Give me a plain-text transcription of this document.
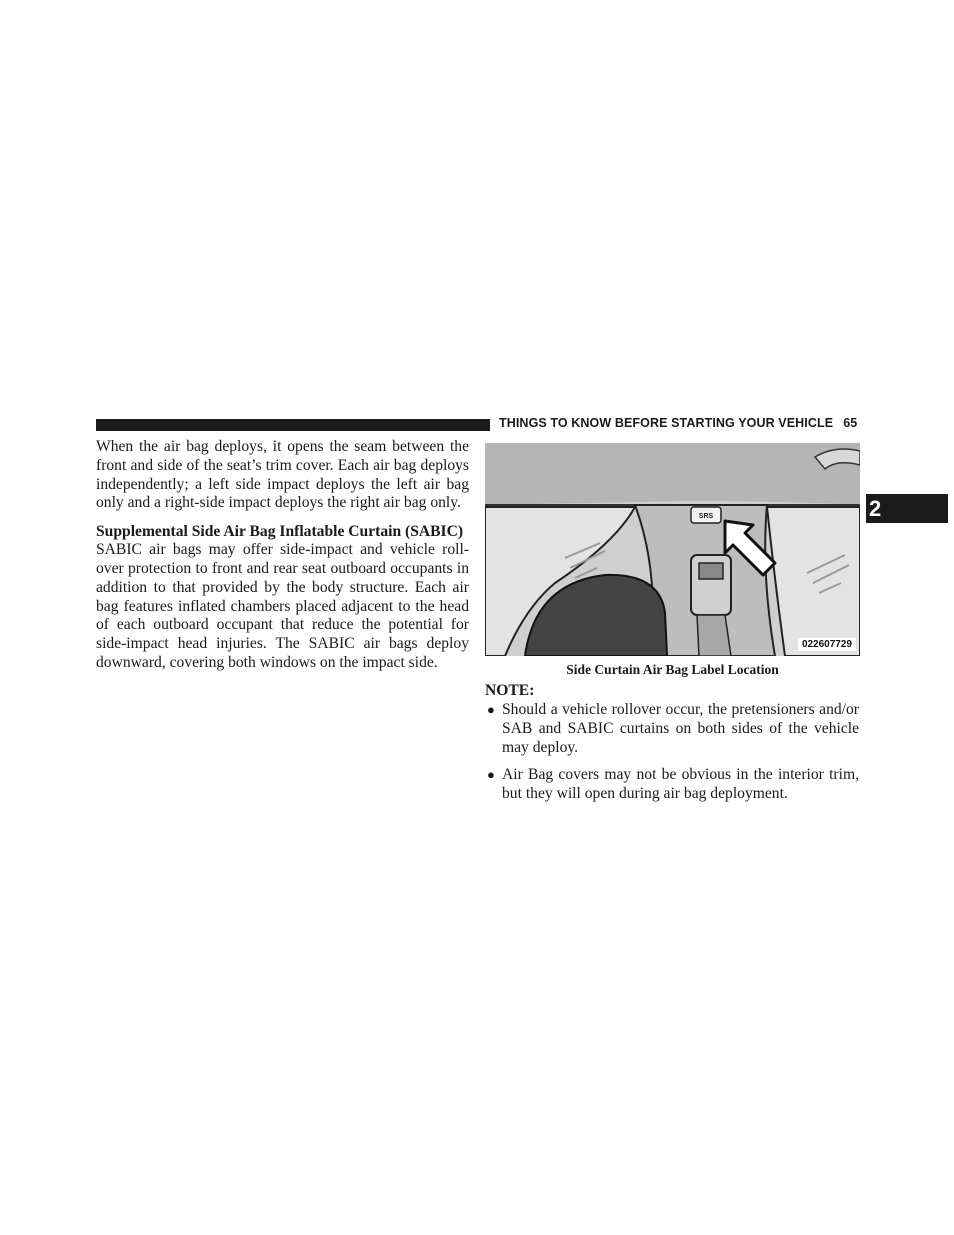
THINGS TO KNOW BEFORE STARTING YOUR VEHICLE 65
2

When the air bag deploys, it opens the seam between the front and side of the seat’s trim cover. Each air bag deploys independently; a left side impact deploys the left air bag only and a right-side impact deploys the right air bag only.

Supplemental Side Air Bag Inflatable Curtain (SABIC)

SABIC air bags may offer side-impact and vehicle roll-over protection to front and rear seat outboard occupants in addition to that provided by the body structure. Each air bag features inflated chambers placed adjacent to the head of each outboard occupant that reduce the potential for side-impact head injuries. The SABIC air bags deploy downward, covering both windows on the impact side.

SRS
022607729
Side Curtain Air Bag Label Location
NOTE:
● Should a vehicle rollover occur, the pretensioners and/or SAB and SABIC curtains on both sides of the vehicle may deploy.
● Air Bag covers may not be obvious in the interior trim, but they will open during air bag deployment.
